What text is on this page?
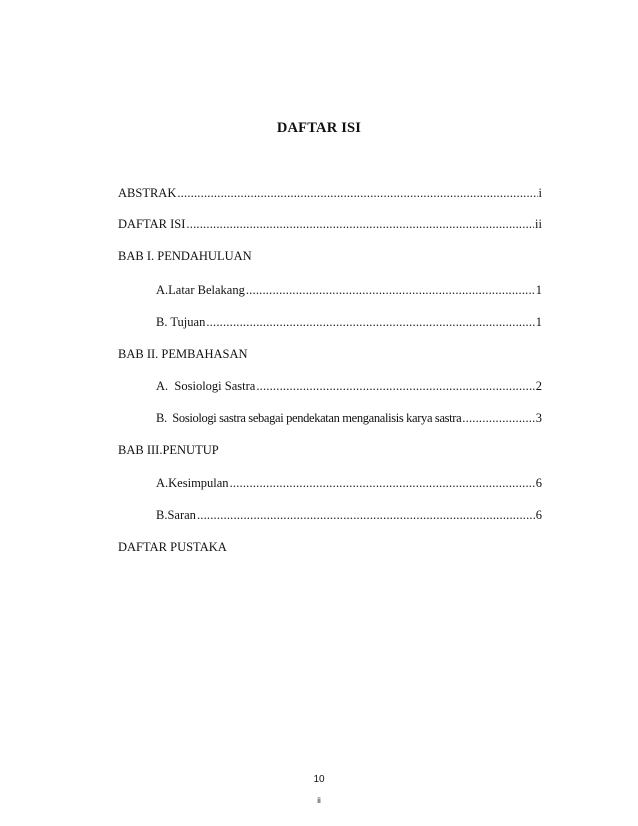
DAFTAR ISI
ABSTRAK .....	i
DAFTAR ISI .....	ii
BAB I. PENDAHULUAN
A.Latar Belakang .....	1
B. Tujuan .....	1
BAB II. PEMBAHASAN
A.  Sosiologi Sastra .....	2
B.  Sosiologi sastra sebagai pendekatan menganalisis karya sastra .....	3
BAB III.PENUTUP
A.Kesimpulan .....	6
B.Saran .....	6
DAFTAR PUSTAKA
10
ii
